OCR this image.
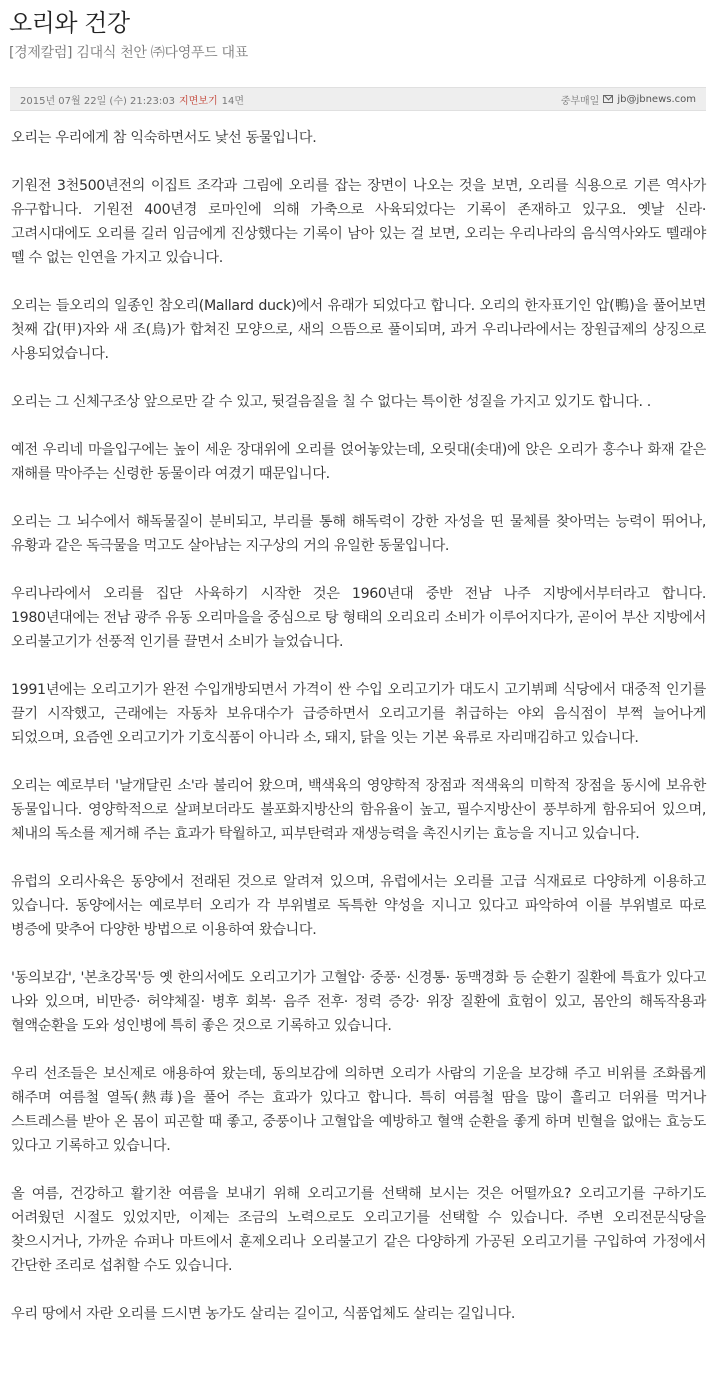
오리와 건강
[경제칼럼] 김대식 천안 ㈜다영푸드 대표
2015년 07월 22일 (수) 21:23:03 지면보기 14면	중부매일 jb@jbnews.com

오리는 우리에게 참 익숙하면서도 낯선 동물입니다.

기원전 3천500년전의 이집트 조각과 그림에 오리를 잡는 장면이 나오는 것을 보면, 오리를 식용으로 기른 역사가 유구합니다. 기원전 400년경 로마인에 의해 가축으로 사육되었다는 기록이 존재하고 있구요. 옛날 신라·고려시대에도 오리를 길러 임금에게 진상했다는 기록이 남아 있는 걸 보면, 오리는 우리나라의 음식역사와도 뗄래야 뗄 수 없는 인연을 가지고 있습니다.

오리는 들오리의 일종인 참오리(Mallard duck)에서 유래가 되었다고 합니다. 오리의 한자표기인 압(鴨)을 풀어보면 첫째 갑(甲)자와 새 조(鳥)가 합쳐진 모양으로, 새의 으뜸으로 풀이되며, 과거 우리나라에서는 장원급제의 상징으로 사용되었습니다.

오리는 그 신체구조상 앞으로만 갈 수 있고, 뒷걸음질을 칠 수 없다는 특이한 성질을 가지고 있기도 합니다. .

예전 우리네 마을입구에는 높이 세운 장대위에 오리를 얹어놓았는데, 오릿대(솟대)에 앉은 오리가 홍수나 화재 같은 재해를 막아주는 신령한 동물이라 여겼기 때문입니다.

오리는 그 뇌수에서 해독물질이 분비되고, 부리를 통해 해독력이 강한 자성을 띤 물체를 찾아먹는 능력이 뛰어나, 유황과 같은 독극물을 먹고도 살아남는 지구상의 거의 유일한 동물입니다.

우리나라에서 오리를 집단 사육하기 시작한 것은 1960년대 중반 전남 나주 지방에서부터라고 합니다. 1980년대에는 전남 광주 유동 오리마을을 중심으로 탕 형태의 오리요리 소비가 이루어지다가, 곧이어 부산 지방에서 오리불고기가 선풍적 인기를 끌면서 소비가 늘었습니다.

1991년에는 오리고기가 완전 수입개방되면서 가격이 싼 수입 오리고기가 대도시 고기뷔페 식당에서 대중적 인기를 끌기 시작했고, 근래에는 자동차 보유대수가 급증하면서 오리고기를 취급하는 야외 음식점이 부쩍 늘어나게 되었으며, 요즘엔 오리고기가 기호식품이 아니라 소, 돼지, 닭을 잇는 기본 육류로 자리매김하고 있습니다.

오리는 예로부터 '날개달린 소'라 불리어 왔으며, 백색육의 영양학적 장점과 적색육의 미학적 장점을 동시에 보유한 동물입니다. 영양학적으로 살펴보더라도 불포화지방산의 함유율이 높고, 필수지방산이 풍부하게 함유되어 있으며, 체내의 독소를 제거해 주는 효과가 탁월하고, 피부탄력과 재생능력을 촉진시키는 효능을 지니고 있습니다.

유럽의 오리사육은 동양에서 전래된 것으로 알려져 있으며, 유럽에서는 오리를 고급 식재료로 다양하게 이용하고 있습니다. 동양에서는 예로부터 오리가 각 부위별로 독특한 약성을 지니고 있다고 파악하여 이를 부위별로 따로 병증에 맞추어 다양한 방법으로 이용하여 왔습니다.

'동의보감', '본초강목'등 옛 한의서에도 오리고기가 고혈압· 중풍· 신경통· 동맥경화 등 순환기 질환에 특효가 있다고 나와 있으며, 비만증· 허약체질· 병후 회복· 음주 전후· 정력 증강· 위장 질환에 효험이 있고, 몸안의 해독작용과 혈액순환을 도와 성인병에 특히 좋은 것으로 기록하고 있습니다.

우리 선조들은 보신제로 애용하여 왔는데, 동의보감에 의하면 오리가 사람의 기운을 보강해 주고 비위를 조화롭게 해주며 여름철 열독(熱毒)을 풀어 주는 효과가 있다고 합니다. 특히 여름철 땀을 많이 흘리고 더위를 먹거나 스트레스를 받아 온 몸이 피곤할 때 좋고, 중풍이나 고혈압을 예방하고 혈액 순환을 좋게 하며 빈혈을 없애는 효능도 있다고 기록하고 있습니다.

올 여름, 건강하고 활기찬 여름을 보내기 위해 오리고기를 선택해 보시는 것은 어떨까요? 오리고기를 구하기도 어려웠던 시절도 있었지만, 이제는 조금의 노력으로도 오리고기를 선택할 수 있습니다. 주변 오리전문식당을 찾으시거나, 가까운 슈퍼나 마트에서 훈제오리나 오리불고기 같은 다양하게 가공된 오리고기를 구입하여 가정에서 간단한 조리로 섭취할 수도 있습니다.

우리 땅에서 자란 오리를 드시면 농가도 살리는 길이고, 식품업체도 살리는 길입니다.
